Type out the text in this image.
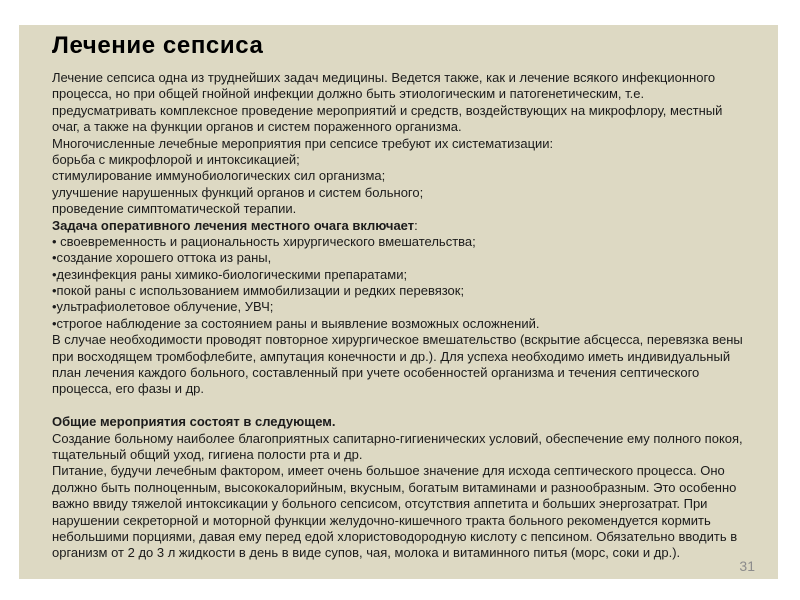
Лечение сепсиса
Лечение сепсиса одна из труднейших задач медицины. Ведется также, как и лечение всякого инфекционного
процесса, но при общей гнойной инфекции должно быть этиологическим и патогенетическим, т.е.
предусматривать комплексное проведение мероприятий и средств, воздействующих на микрофлору, местный
очаг, а также на функции органов и систем пораженного организма.
Многочисленные лечебные мероприятия при сепсисе требуют их систематизации:
борьба с микрофлорой и интоксикацией;
стимулирование иммунобиологических сил организма;
улучшение нарушенных функций органов и систем больного;
проведение симптоматической терапии.
Задача оперативного лечения местного очага включает:
• своевременность и рациональность хирургического вмешательства;
•создание хорошего оттока из раны,
•дезинфекция раны химико-биологическими препаратами;
•покой раны с использованием иммобилизации и редких перевязок;
•ультрафиолетовое облучение, УВЧ;
•строгое наблюдение за состоянием раны и выявление возможных осложнений.
В случае необходимости проводят повторное хирургическое вмешательство (вскрытие абсцесса, перевязка вены
при восходящем тромбофлебите, ампутация конечности и др.). Для успеха необходимо иметь индивидуальный
план лечения каждого больного, составленный при учете особенностей организма и течения септического
процесса, его фазы и др.
Общие мероприятия состоят в следующем.
Создание больному наиболее благоприятных сапитарно-гигиенических условий, обеспечение ему полного покоя,
тщательный общий уход, гигиена полости рта и др.
Питание, будучи лечебным фактором, имеет очень большое значение для исхода септического процесса. Оно
должно быть полноценным, высококалорийным, вкусным, богатым витаминами и разнообразным. Это особенно
важно ввиду тяжелой интоксикации у больного сепсисом, отсутствия аппетита и больших энергозатрат. При
нарушении секреторной и моторной функции желудочно-кишечного тракта больного рекомендуется кормить
небольшими порциями, давая ему перед едой хлористоводородную кислоту с пепсином. Обязательно вводить в
организм от 2 до 3 л жидкости в день в виде супов, чая, молока и витаминного питья (морс, соки и др.).
31
